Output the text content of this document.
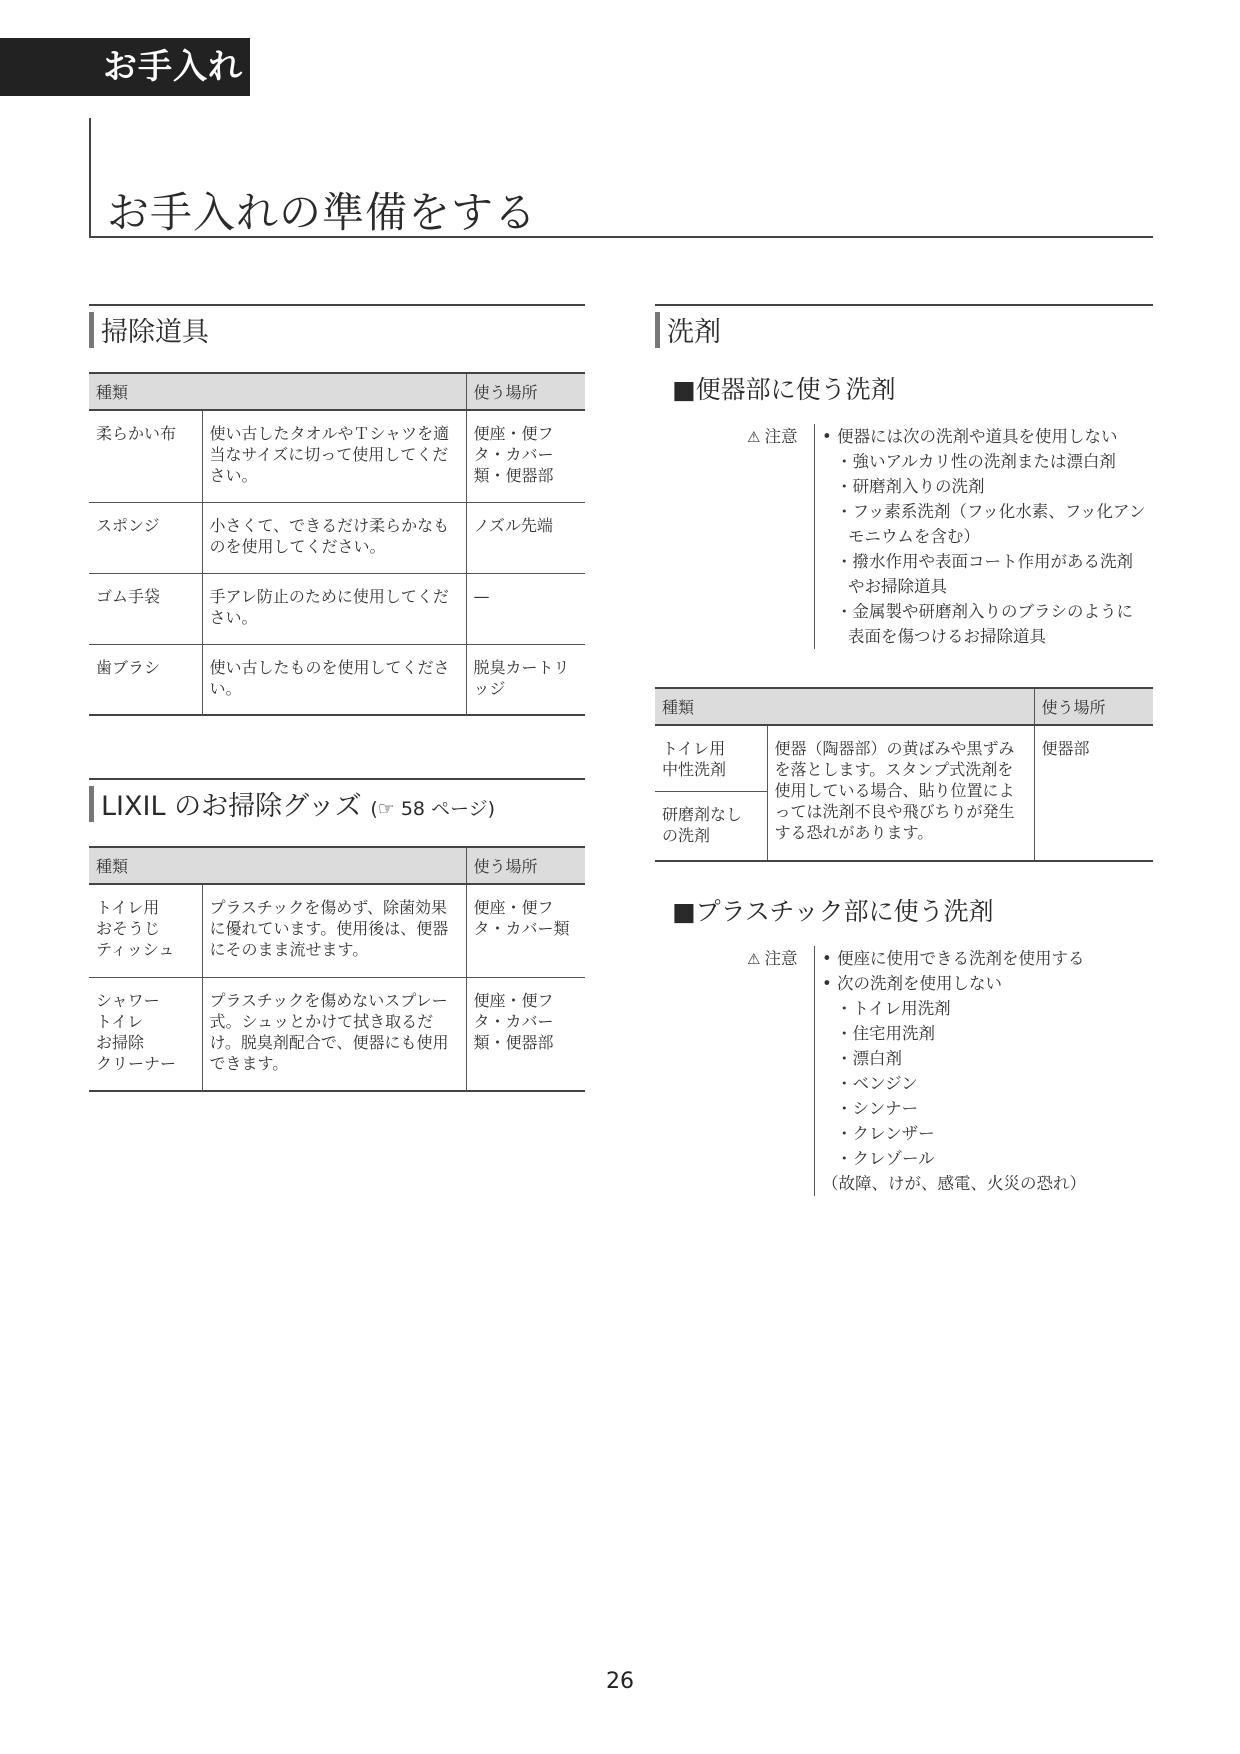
お手入れ
お手入れの準備をする
掃除道具
種類		使う場所
柔らかい布	使い古したタオルやＴシャツを適当なサイズに切って使用してください。	便座・便フタ・カバー類・便器部
スポンジ	小さくて、できるだけ柔らかなものを使用してください。	ノズル先端
ゴム手袋	手アレ防止のために使用してください。	—
歯ブラシ	使い古したものを使用してください。	脱臭カートリッジ
LIXIL のお掃除グッズ (☞ 58 ページ)
種類		使う場所
トイレ用
おそうじ
ティッシュ	プラスチックを傷めず、除菌効果に優れています。使用後は、便器にそのまま流せます。	便座・便フタ・カバー類
シャワー
トイレ
お掃除
クリーナー	プラスチックを傷めないスプレー式。シュッとかけて拭き取るだけ。脱臭剤配合で、便器にも使用できます。	便座・便フタ・カバー類・便器部
洗剤
■便器部に使う洗剤
⚠ 注意	• 便器には次の洗剤や道具を使用しない
・強いアルカリ性の洗剤または漂白剤
・研磨剤入りの洗剤
・フッ素系洗剤（フッ化水素、フッ化アン
モニウムを含む）
・撥水作用や表面コート作用がある洗剤
やお掃除道具
・金属製や研磨剤入りのブラシのように
表面を傷つけるお掃除道具
種類		使う場所
トイレ用
中性洗剤	便器（陶器部）の黄ばみや黒ずみを落とします。スタンプ式洗剤を使用している場合、貼り位置によっては洗剤不良や飛びちりが発生する恐れがあります。	便器部
研磨剤なし
の洗剤		
■プラスチック部に使う洗剤
⚠ 注意	• 便座に使用できる洗剤を使用する
• 次の洗剤を使用しない
・トイレ用洗剤
・住宅用洗剤
・漂白剤
・ベンジン
・シンナー
・クレンザー
・クレゾール
（故障、けが、感電、火災の恐れ）
26
